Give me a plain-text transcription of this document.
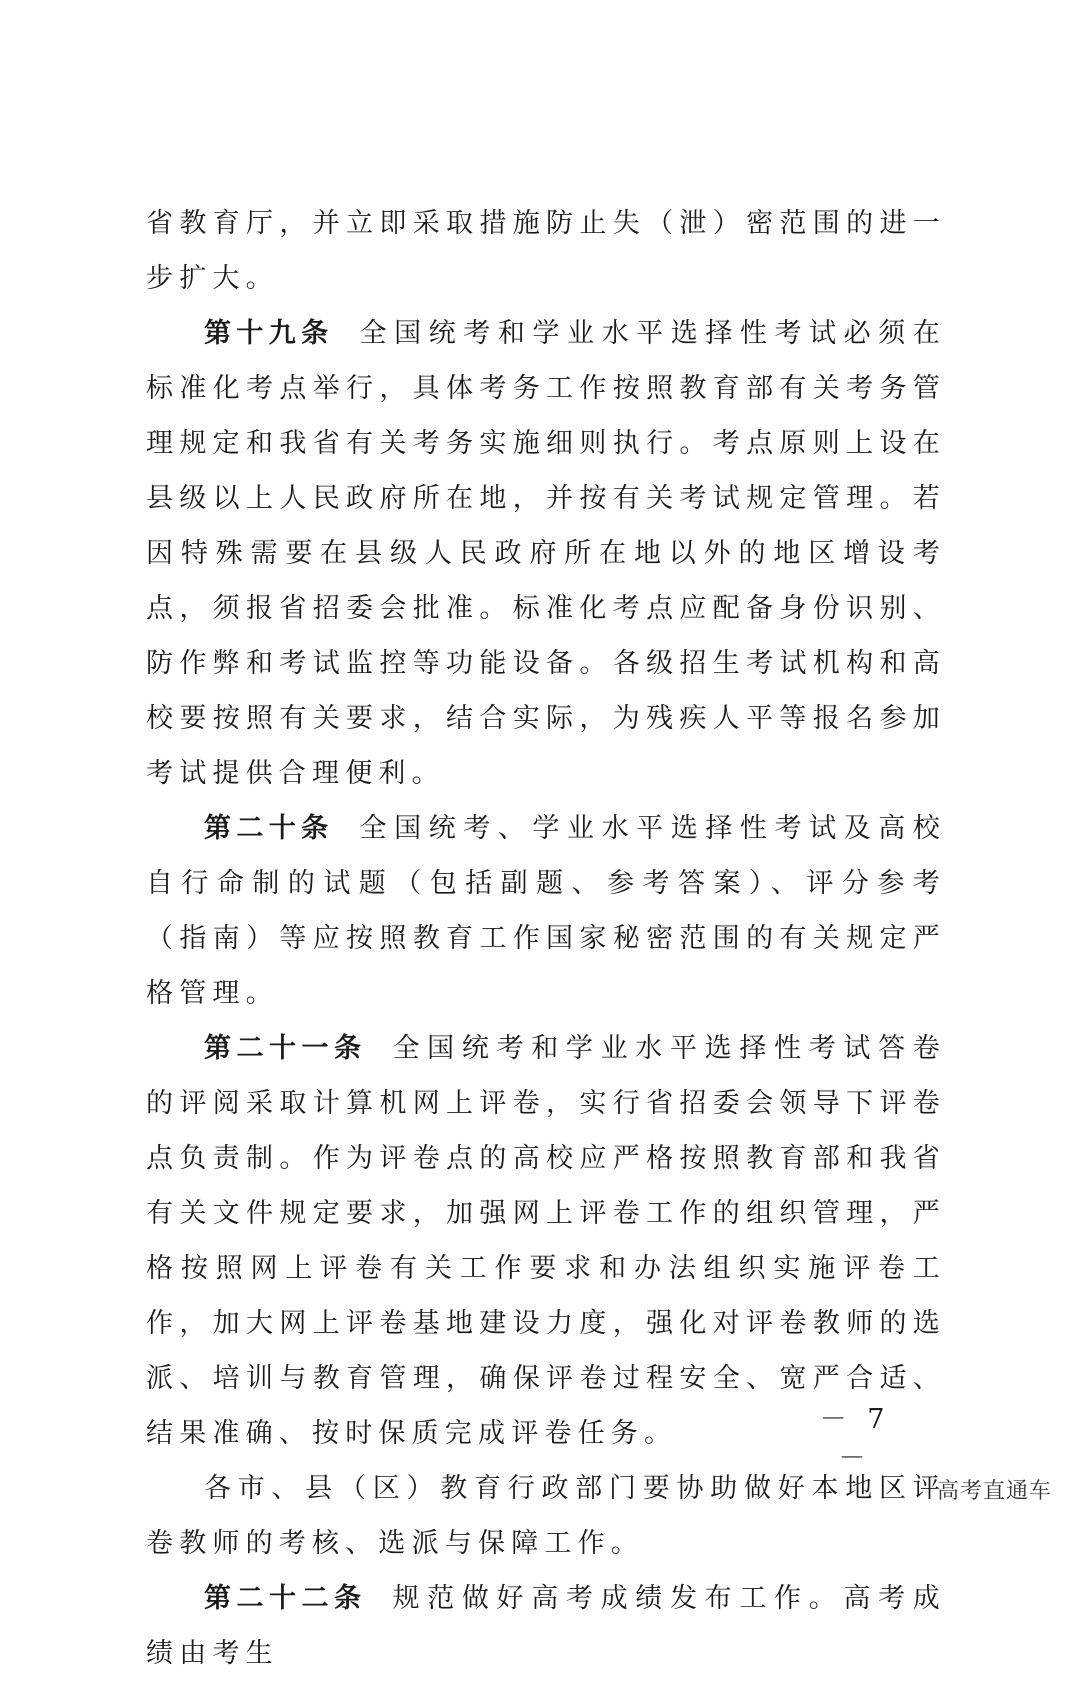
省教育厅，并立即采取措施防止失（泄）密范围的进一步扩大。

第十九条 全国统考和学业水平选择性考试必须在标准化考点举行，具体考务工作按照教育部有关考务管理规定和我省有关考务实施细则执行。考点原则上设在县级以上人民政府所在地，并按有关考试规定管理。若因特殊需要在县级人民政府所在地以外的地区增设考点，须报省招委会批准。标准化考点应配备身份识别、防作弊和考试监控等功能设备。各级招生考试机构和高校要按照有关要求，结合实际，为残疾人平等报名参加考试提供合理便利。

第二十条 全国统考、学业水平选择性考试及高校自行命制的试题（包括副题、参考答案）、评分参考（指南）等应按照教育工作国家秘密范围的有关规定严格管理。

第二十一条 全国统考和学业水平选择性考试答卷的评阅采取计算机网上评卷，实行省招委会领导下评卷点负责制。作为评卷点的高校应严格按照教育部和我省有关文件规定要求，加强网上评卷工作的组织管理，严格按照网上评卷有关工作要求和办法组织实施评卷工作，加大网上评卷基地建设力度，强化对评卷教师的选派、培训与教育管理，确保评卷过程安全、宽严合适、结果准确、按时保质完成评卷任务。

各市、县（区）教育行政部门要协助做好本地区评卷教师的考核、选派与保障工作。

第二十二条 规范做好高考成绩发布工作。高考成绩由考生

－ 7 －
高考直通车
